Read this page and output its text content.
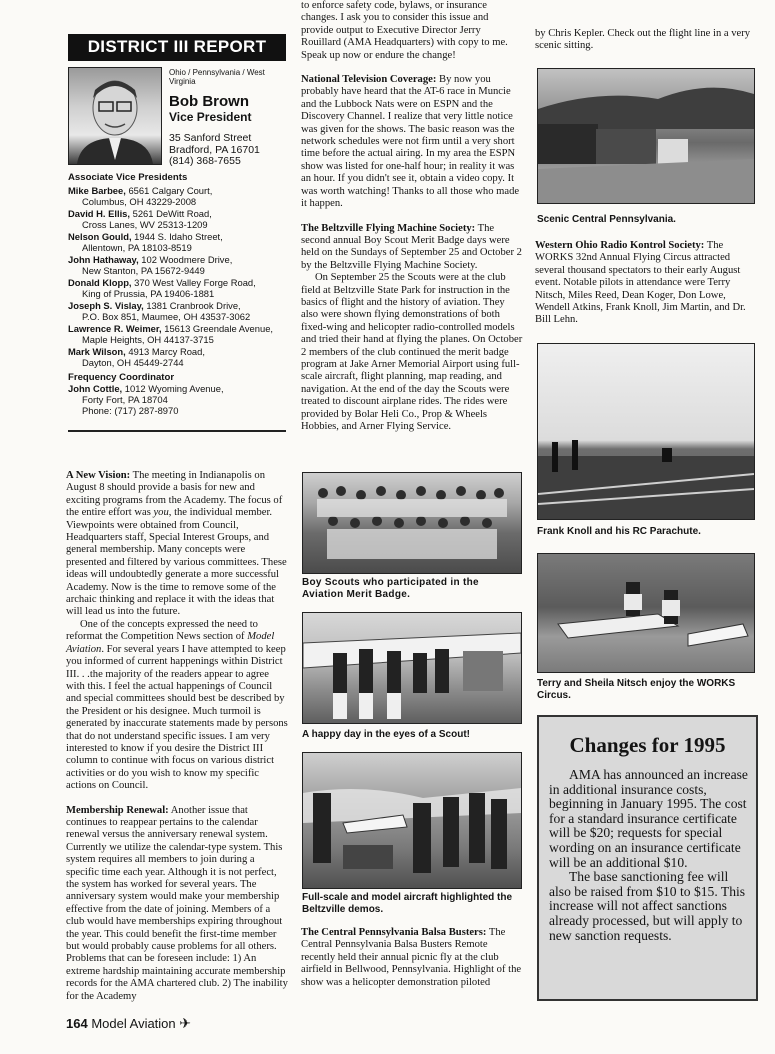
DISTRICT III REPORT
Ohio / Pennsylvania / West Virginia
Bob Brown
Vice President
35 Sanford Street
Bradford, PA 16701
(814) 368-7655
Associate Vice Presidents
Mike Barbee, 6561 Calgary Court,
Columbus, OH 43229-2008
David H. Ellis, 5261 DeWitt Road,
Cross Lanes, WV 25313-1209
Nelson Gould, 1944 S. Idaho Street,
Allentown, PA 18103-8519
John Hathaway, 102 Woodmere Drive,
New Stanton, PA 15672-9449
Donald Klopp, 370 West Valley Forge Road,
King of Prussia, PA 19406-1881
Joseph S. Vislay, 1381 Cranbrook Drive,
P.O. Box 851, Maumee, OH 43537-3062
Lawrence R. Weimer, 15613 Greendale Avenue,
Maple Heights, OH 44137-3715
Mark Wilson, 4913 Marcy Road,
Dayton, OH 45449-2744
Frequency Coordinator
John Cottle, 1012 Wyoming Avenue,
Forty Fort, PA 18704
Phone: (717) 287-8970

A New Vision: The meeting in Indianapolis on August 8 should provide a basis for new and exciting programs from the Academy. The focus of the entire effort was you, the individual member. Viewpoints were obtained from Council, Headquarters staff, Special Interest Groups, and general membership. Many concepts were presented and filtered by various committees. These ideas will undoubtedly generate a more successful Academy. Now is the time to remove some of the archaic thinking and replace it with the ideas that will lead us into the future.

One of the concepts expressed the need to reformat the Competition News section of Model Aviation. For several years I have attempted to keep you informed of current happenings within District III. . .the majority of the readers appear to agree with this. I feel the actual happenings of Council and special committees should best be described by the President or his designee. Much turmoil is generated by inaccurate statements made by persons that do not understand specific issues. I am very interested to know if you desire the District III column to continue with focus on various district activities or do you wish to know my specific actions on Council.

Membership Renewal: Another issue that continues to reappear pertains to the calendar renewal versus the anniversary renewal system. Currently we utilize the calendar-type system. This system requires all members to join during a specific time each year. Although it is not perfect, the system has worked for several years. The anniversary system would make your membership effective from the date of joining. Members of a club would have memberships expiring throughout the year. This could benefit the first-time member but would probably cause problems for all others. Problems that can be foreseen include: 1) An extreme hardship maintaining accurate membership records for the AMA chartered club. 2) The inability for the Academy

to enforce safety code, bylaws, or insurance changes. I ask you to consider this issue and provide output to Executive Director Jerry Rouillard (AMA Headquarters) with copy to me. Speak up now or endure the change!

National Television Coverage: By now you probably have heard that the AT-6 race in Muncie and the Lubbock Nats were on ESPN and the Discovery Channel. I realize that very little notice was given for the shows. The basic reason was the network schedules were not firm until a very short time before the actual airing. In my area the ESPN show was listed for one-half hour; in reality it was an hour. If you didn't see it, obtain a video copy. It was worth watching! Thanks to all those who made it happen.

The Beltzville Flying Machine Society: The second annual Boy Scout Merit Badge days were held on the Sundays of September 25 and October 2 by the Beltzville Flying Machine Society.

On September 25 the Scouts were at the club field at Beltzville State Park for instruction in the basics of flight and the history of aviation. They also were shown flying demonstrations of both fixed-wing and helicopter radio-controlled models and tried their hand at flying the planes. On October 2 members of the club continued the merit badge program at Jake Arner Memorial Airport using full-scale aircraft, flight planning, map reading, and navigation. At the end of the day the Scouts were treated to discount airplane rides. The rides were provided by Bolar Heli Co., Prop & Wheels Hobbies, and Arner Flying Service.

Boy Scouts who participated in the Aviation Merit Badge.
A happy day in the eyes of a Scout!
Full-scale and model aircraft highlighted the Beltzville demos.

The Central Pennsylvania Balsa Busters: The Central Pennsylvania Balsa Busters Remote recently held their annual picnic fly at the club airfield in Bellwood, Pennsylvania. Highlight of the show was a helicopter demonstration piloted

by Chris Kepler. Check out the flight line in a very scenic sitting.

Scenic Central Pennsylvania.

Western Ohio Radio Kontrol Society: The WORKS 32nd Annual Flying Circus attracted several thousand spectators to their early August event. Notable pilots in attendance were Terry Nitsch, Miles Reed, Dean Koger, Don Lowe, Wendell Atkins, Frank Knoll, Jim Martin, and Dr. Bill Lehn.

Frank Knoll and his RC Parachute.
Terry and Sheila Nitsch enjoy the WORKS Circus.
Changes for 1995

AMA has announced an increase in additional insurance costs, beginning in January 1995. The cost for a standard insurance certificate will be $20; requests for special wording on an insurance certificate will be an additional $10.

The base sanctioning fee will also be raised from $10 to $15. This increase will not affect sanctions already processed, but will apply to new sanction requests.

164 Model Aviation ✈
